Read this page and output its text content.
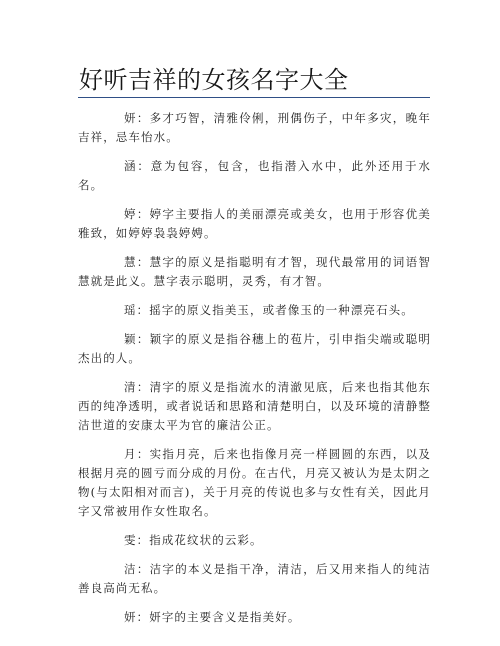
好听吉祥的女孩名字大全

妍：多才巧智，清雅伶俐，刑偶伤子，中年多灾，晚年吉祥，忌车怡水。

涵：意为包容，包含，也指潜入水中，此外还用于水名。

婷：婷字主要指人的美丽漂亮或美女，也用于形容优美雅致，如婷婷袅袅婷娉。

慧：慧字的原义是指聪明有才智，现代最常用的词语智慧就是此义。慧字表示聪明，灵秀，有才智。

瑶：摇字的原义指美玉，或者像玉的一种漂亮石头。

颖：颖字的原义是指谷穗上的苞片，引申指尖端或聪明杰出的人。

清：清字的原义是指流水的清澈见底，后来也指其他东西的纯净透明，或者说话和思路和清楚明白，以及环境的清静整洁世道的安康太平为官的廉洁公正。

月：实指月亮，后来也指像月亮一样圆圆的东西，以及根据月亮的圆亏而分成的月份。在古代，月亮又被认为是太阴之物(与太阳相对而言)，关于月亮的传说也多与女性有关，因此月字又常被用作女性取名。

雯：指成花纹状的云彩。

洁：洁字的本义是指干净，清洁，后又用来指人的纯洁善良高尚无私。

妍：妍字的主要含义是指美好。
